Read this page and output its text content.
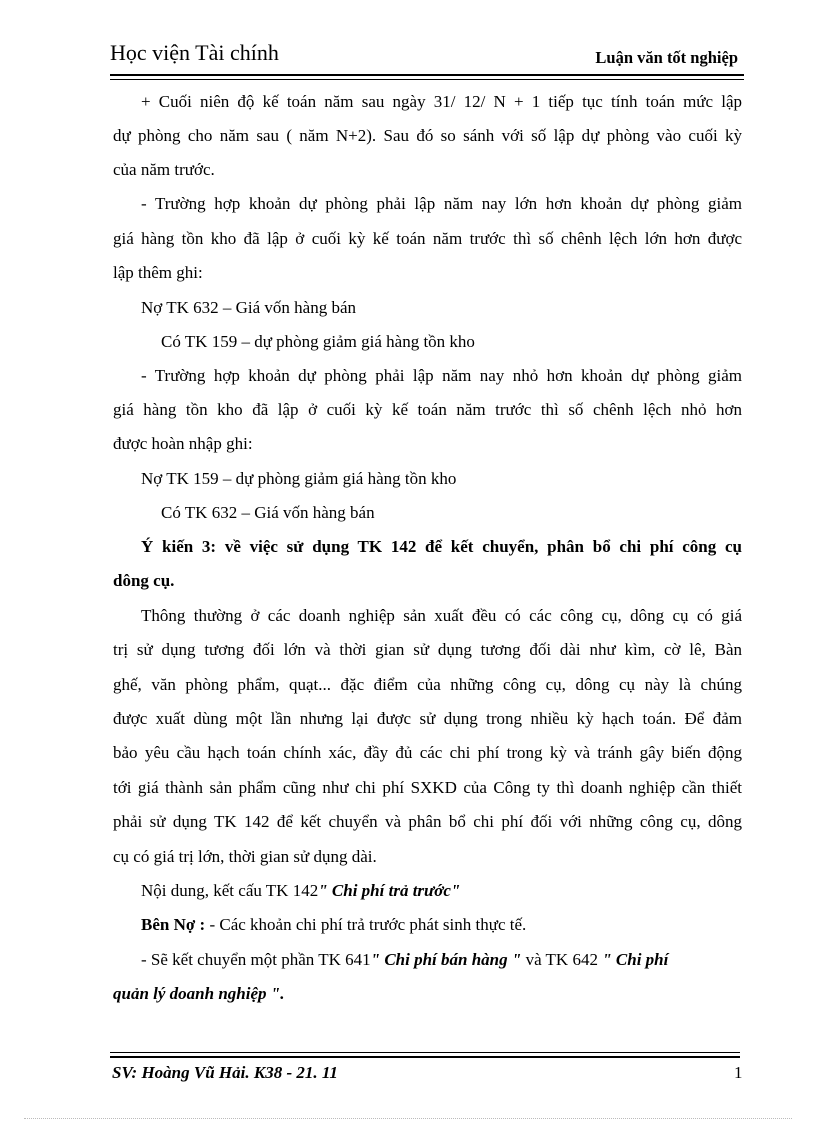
Học viện Tài chính	Luận văn tốt nghiệp
+ Cuối niên độ kế toán năm sau ngày 31/ 12/ N + 1 tiếp tục tính toán mức lập
dự phòng cho năm sau ( năm N+2). Sau đó so sánh với số lập dự phòng vào cuối kỳ
của năm trước.
- Trường hợp khoản dự phòng phải lập năm nay lớn hơn khoản dự phòng giảm
giá hàng tồn kho đã lập ở cuối kỳ kế toán năm trước thì số chênh lệch lớn hơn được
lập thêm ghi:
Nợ TK 632 – Giá vốn hàng bán
Có TK 159 – dự phòng giảm giá hàng tồn kho
- Trường hợp khoản dự phòng phải lập năm nay nhỏ hơn khoản dự phòng giảm
giá hàng tồn kho đã lập ở cuối kỳ kế toán năm trước thì số chênh lệch nhỏ hơn
được hoàn nhập ghi:
Nợ TK 159 – dự phòng giảm giá hàng tồn kho
Có TK 632 – Giá vốn hàng bán
Ý kiến 3: về việc sử dụng TK 142 để kết chuyển, phân bổ chi phí công cụ
dông cụ.
Thông thường ở các doanh nghiệp sản xuất đều có các công cụ, dông cụ có giá
trị sử dụng tương đối lớn và thời gian sử dụng tương đối dài như kìm, cờ lê, Bàn
ghế, văn phòng phẩm, quạt... đặc điểm của những công cụ, dông cụ này là chúng
được xuất dùng một lần nhưng lại được sử dụng trong nhiều kỳ hạch toán. Để đảm
bảo yêu cầu hạch toán chính xác, đầy đủ các chi phí trong kỳ và tránh gây biến động
tới giá thành sản phẩm cũng như chi phí SXKD của Công ty thì doanh nghiệp cần thiết
phải sử dụng TK 142 để kết chuyển và phân bổ chi phí đối với những công cụ, dông
cụ có giá trị lớn, thời gian sử dụng dài.
Nội dung, kết cấu TK 142" Chi phí trả trước"
Bên Nợ : - Các khoản chi phí trả trước phát sinh thực tế.
- Sẽ kết chuyển một phần TK 641" Chi phí bán hàng " và TK 642 " Chi phí
quản lý doanh nghiệp ".
SV: Hoàng Vũ Hải. K38 - 21. 11	1
